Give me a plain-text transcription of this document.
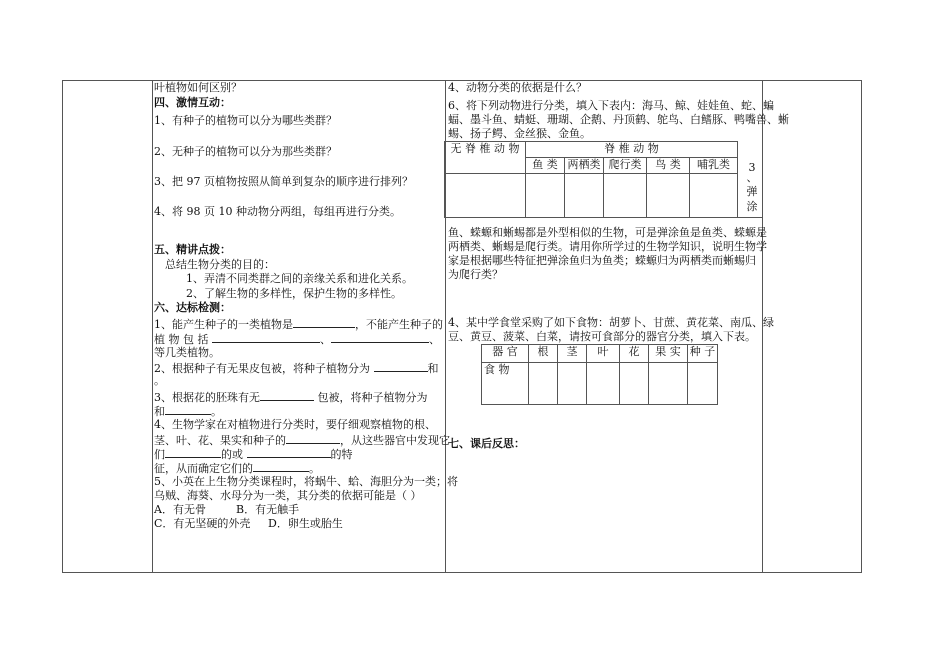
叶植物如何区别？
四、激情互动：
1、有种子的植物可以分为哪些类群？
2、无种子的植物可以分为那些类群？
3、把 97 页植物按照从简单到复杂的顺序进行排列？
4、将 98 页 10 种动物分两组，每组再进行分类。
五、精讲点拨：
总结生物分类的目的：
1、弄清不同类群之间的亲缘关系和进化关系。
2、了解生物的多样性，保护生物的多样性。
六、达标检测：
1、能产生种子的一类植物是	，不能产生种子的
植 物 包 括	、	、
等几类植物。
2、根据种子有无果皮包被，将种子植物分为	和
。
3、根据花的胚珠有无	包被，将种子植物分为
和	。
4、生物学家在对植物进行分类时，要仔细观察植物的根、
茎、叶、花、果实和种子的	，从这些器官中发现它
们	的或	的特
征，从而确定它们的	。
5、小英在上生物分类课程时，将蜗牛、蛤、海胆分为一类；将
乌贼、海葵、水母分为一类，其分类的依据可能是（ ）
A．有无骨	B．有无触手
C．有无坚硬的外壳 D．卵生或胎生
4、动物分类的依据是什么？
6、将下列动物进行分类，填入下表内：海马、鲸、娃娃鱼、蛇、蝙
蝠、墨斗鱼、蜻蜓、珊瑚、企鹅、丹顶鹤、鸵鸟、白鳍豚、鸭嘴兽、蜥
蜴、扬子鳄、金丝猴、金鱼。
无 脊 椎 动 物	脊 椎 动 物				
	鱼 类	两栖类	爬行类	鸟 类	哺乳类
						3
、
弹
涂
鱼、蝾螈和蜥蜴都是外型相似的生物，可是弹涂鱼是鱼类、蝾螈是
两栖类、蜥蜴是爬行类。请用你所学过的生物学知识，说明生物学
家是根据哪些特征把弹涂鱼归为鱼类；蝾螈归为两栖类而蜥蜴归
为爬行类？
4、某中学食堂采购了如下食物：胡萝卜、甘蔗、黄花菜、南瓜、绿
豆、黄豆、菠菜、白菜，请按可食部分的器官分类，填入下表。
器 官	根	茎	叶	花	果 实	种 子
食 物						
七、课后反思：
